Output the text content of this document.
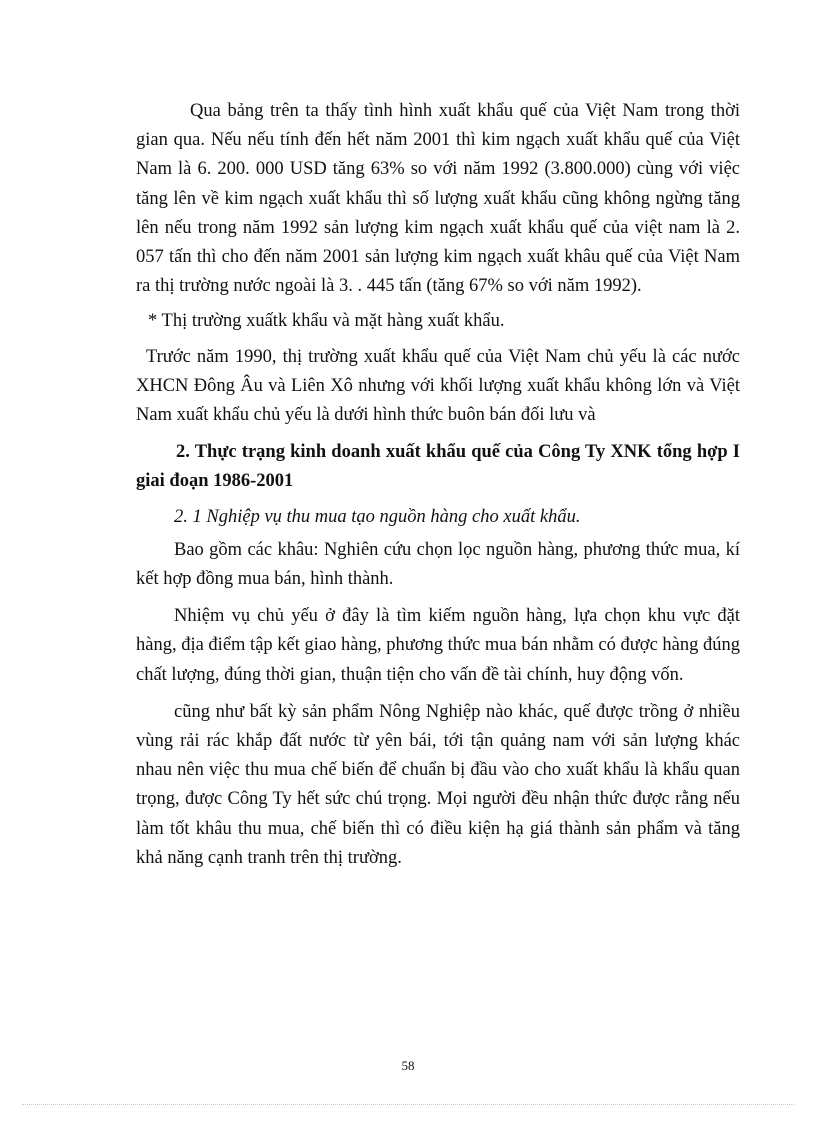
Qua bảng trên ta thấy tình hình xuất khẩu quế của Việt Nam trong thời gian qua. Nếu nếu tính đến hết năm 2001 thì kim ngạch xuất khẩu quế của Việt Nam là 6. 200. 000 USD tăng 63% so với năm 1992 (3.800.000) cùng với việc tăng lên về kim ngạch xuất khẩu thì số lượng xuất khẩu cũng không ngừng tăng lên nếu trong năm 1992 sản lượng kim ngạch xuất khẩu quế của việt nam là 2. 057 tấn thì cho đến năm 2001 sản lượng kim ngạch xuất khâu quế của Việt Nam ra thị trường nước ngoài là 3. . 445 tấn (tăng 67% so với năm 1992).

* Thị trường xuấtk khẩu và mặt hàng xuất khẩu.

Trước năm 1990, thị trường xuất khẩu quế của Việt Nam chủ yếu là các nước XHCN Đông Âu và Liên Xô nhưng với khối lượng xuất khẩu không lớn và Việt Nam xuất khẩu chủ yếu là dưới hình thức buôn bán đối lưu và

2. Thực trạng kinh doanh xuất khẩu quế của Công Ty XNK tổng hợp I giai đoạn 1986-2001

2. 1 Nghiệp vụ thu mua tạo nguồn hàng cho xuất khẩu.

Bao gồm các khâu: Nghiên cứu chọn lọc nguồn hàng, phương thức mua, kí kết hợp đồng mua bán, hình thành.

Nhiệm vụ chủ yếu ở đây là tìm kiếm nguồn hàng, lựa chọn khu vực đặt hàng, địa điểm tập kết giao hàng, phương thức mua bán nhằm có được hàng đúng chất lượng, đúng thời gian, thuận tiện cho vấn đề tài chính, huy động vốn.

cũng như bất kỳ sản phẩm Nông Nghiệp nào khác, quế được trồng ở nhiều vùng rải rác khắp đất nước từ yên bái, tới tận quảng nam với sản lượng khác nhau nên việc thu mua chế biến để chuẩn bị đầu vào cho xuất khẩu là khẩu quan trọng, được Công Ty hết sức chú trọng. Mọi người đều nhận thức được rằng nếu làm tốt khâu thu mua, chế biến thì có điều kiện hạ giá thành sản phẩm và tăng khả năng cạnh tranh trên thị trường.

58
